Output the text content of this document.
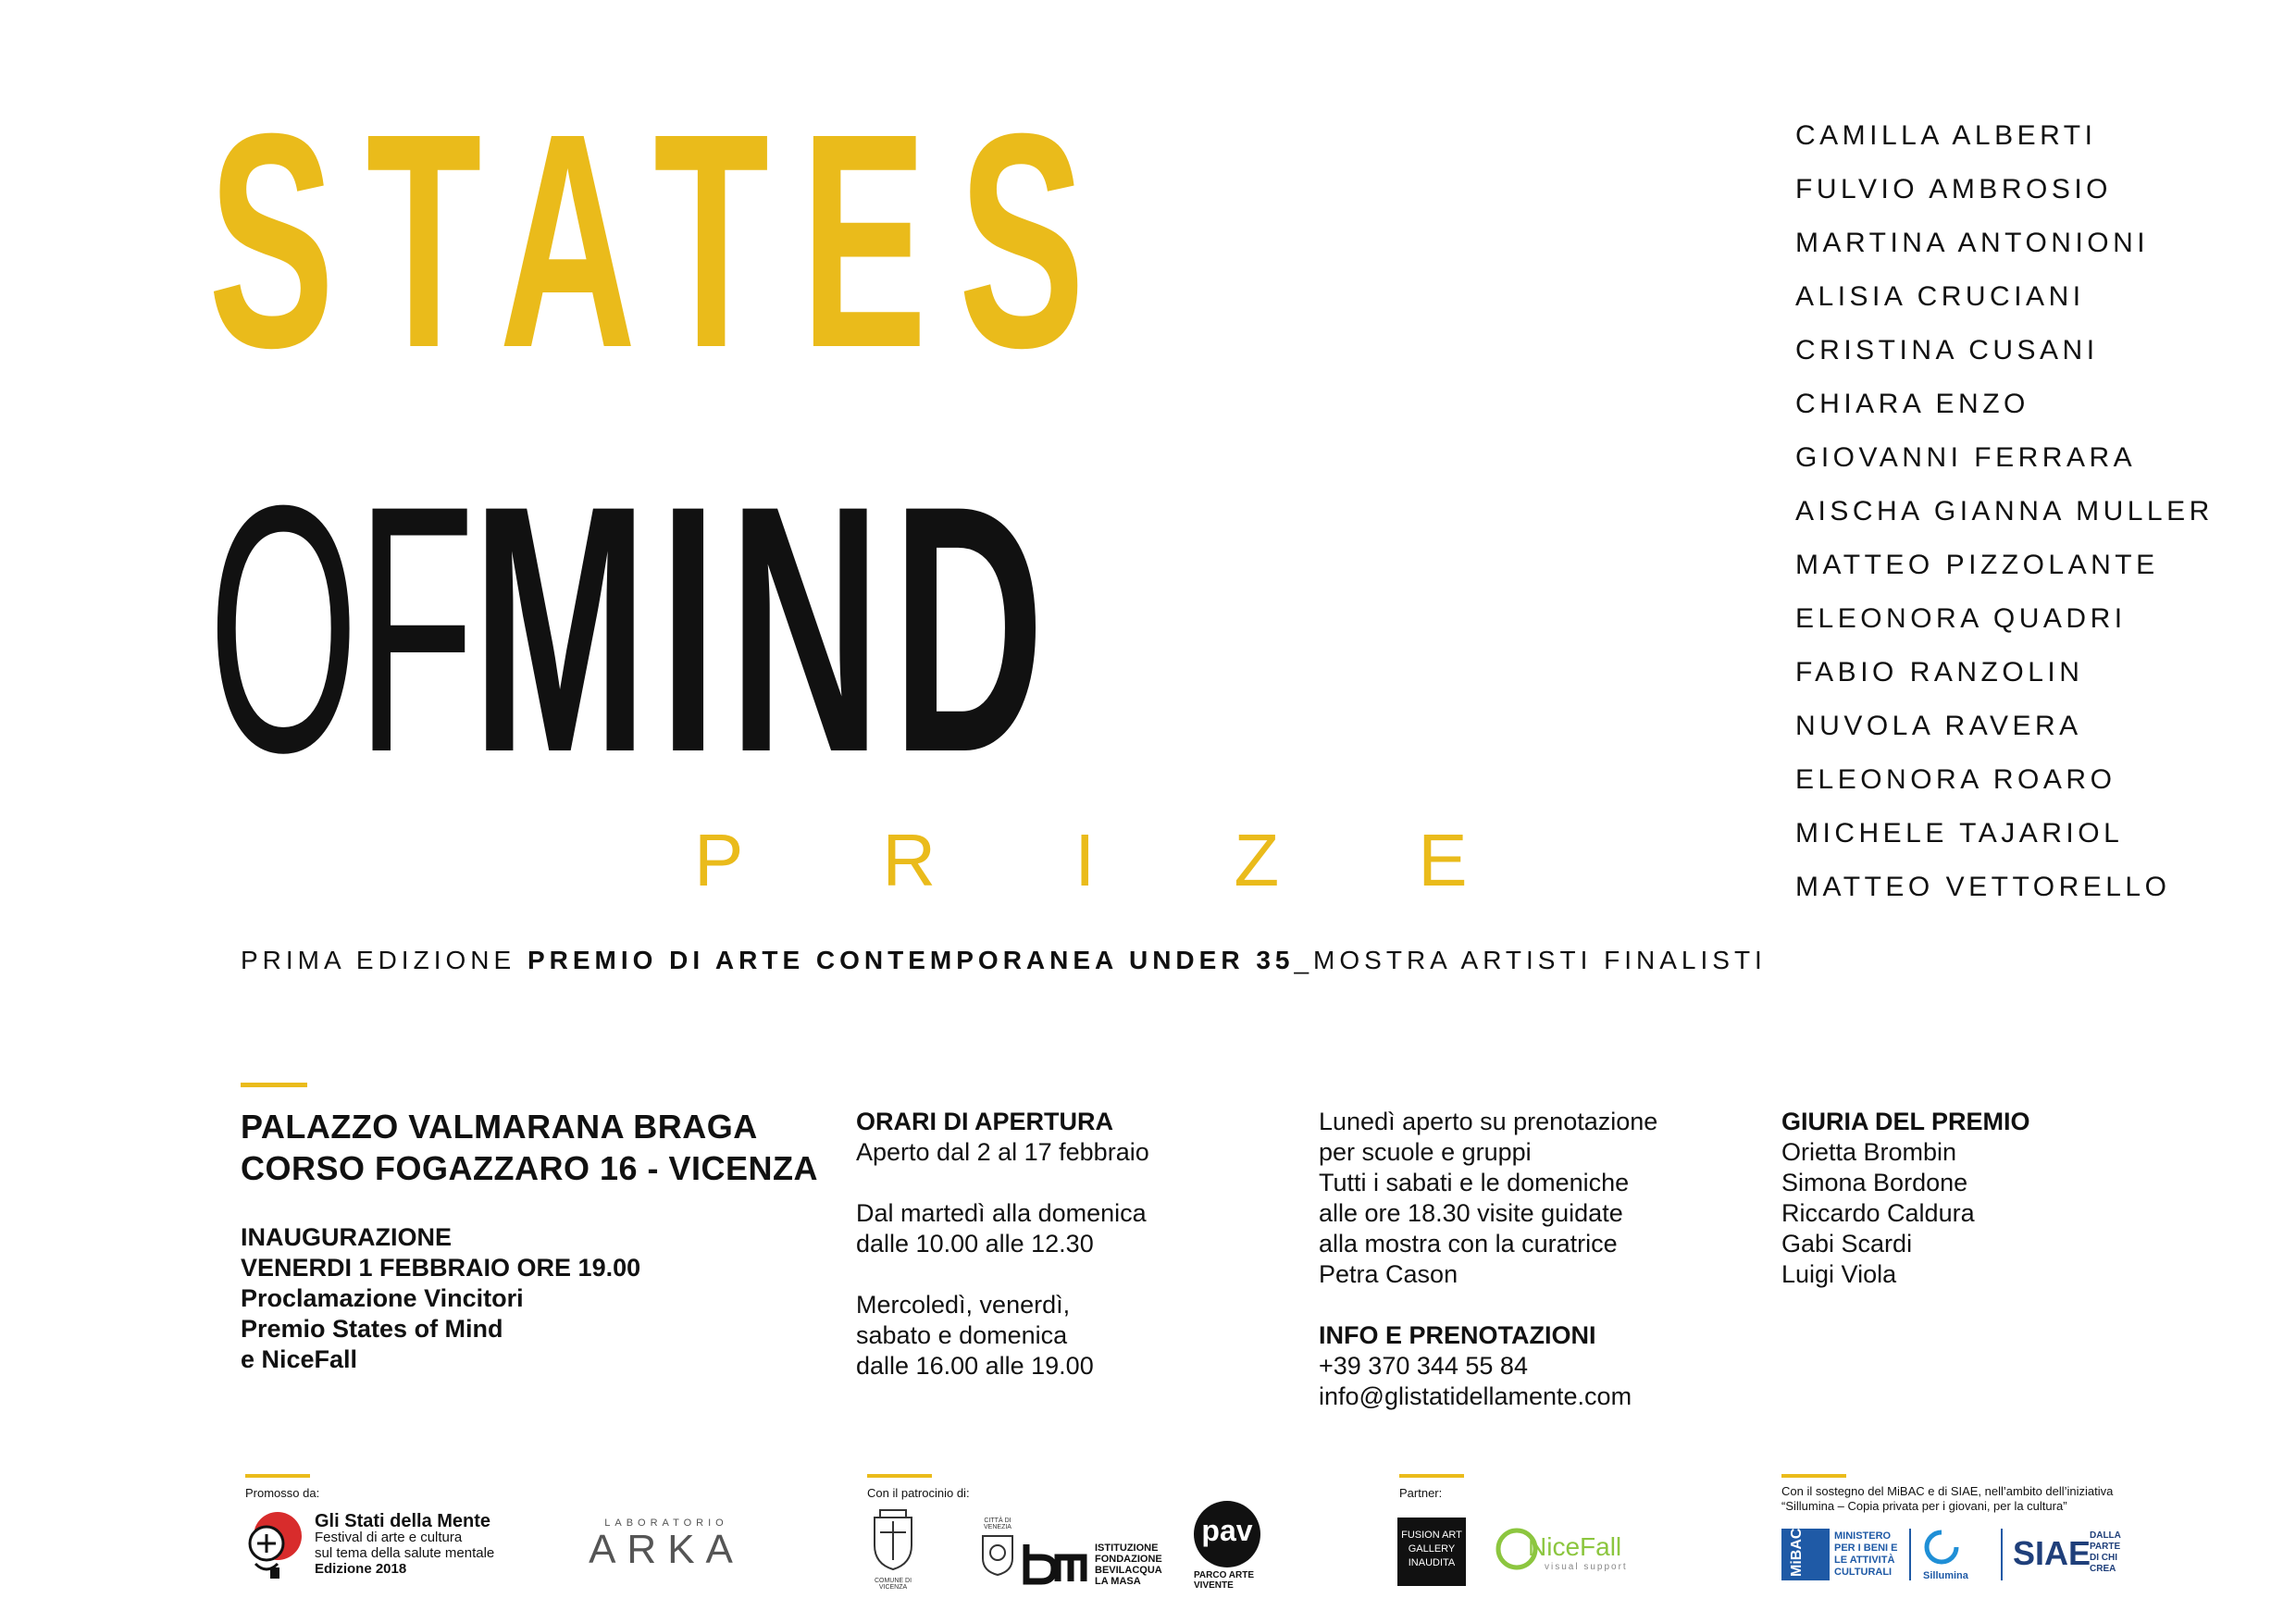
STATES
OF MIND
PRIZE
CAMILLA ALBERTI
FULVIO AMBROSIO
MARTINA ANTONIONI
ALISIA CRUCIANI
CRISTINA CUSANI
CHIARA ENZO
GIOVANNI FERRARA
AISCHA GIANNA MULLER
MATTEO PIZZOLANTE
ELEONORA QUADRI
FABIO RANZOLIN
NUVOLA RAVERA
ELEONORA ROARO
MICHELE TAJARIOL
MATTEO VETTORELLO
PRIMA EDIZIONE PREMIO DI ARTE CONTEMPORANEA UNDER 35_MOSTRA ARTISTI FINALISTI
PALAZZO VALMARANA BRAGA
CORSO FOGAZZARO 16 - VICENZA
INAUGURAZIONE
VENERDI 1 FEBBRAIO ORE 19.00
Proclamazione Vincitori
Premio States of Mind
e NiceFall
ORARI DI APERTURA
Aperto dal 2 al 17 febbraio
Dal martedì alla domenica
dalle 10.00 alle 12.30
Mercoledì, venerdì,
sabato e domenica
dalle 16.00 alle 19.00
Lunedì aperto su prenotazione
per scuole e gruppi
Tutti i sabati e le domeniche
alle ore 18.30 visite guidate
alla mostra con la curatrice
Petra Cason
INFO E PRENOTAZIONI
+39 370 344 55 84
info@glistatidellamente.com
GIURIA DEL PREMIO
Orietta Brombin
Simona Bordone
Riccardo Caldura
Gabi Scardi
Luigi Viola
Promosso da:
Gli Stati della Mente
Festival di arte e cultura
sul tema della salute mentale
Edizione 2018
LABORATORIO
ARKA
Con il patrocinio di:
COMUNE DI VICENZA
CITTÀ DI VENEZIA
ISTITUZIONE
FONDAZIONE
BEVILACQUA
LA MASA
pav
PARCO ARTE
VIVENTE
Partner:
FUSION ART GALLERY INAUDITA
NiceFall
visual support
Con il sostegno del MiBAC e di SIAE, nell’ambito dell’iniziativa
“Sillumina – Copia privata per i giovani, per la cultura”
MiBAC	MINISTERO
PER I BENI E
LE ATTIVITÀ
CULTURALI	Sillumina
SIAE
DALLA
PARTE
DI CHI
CREA
